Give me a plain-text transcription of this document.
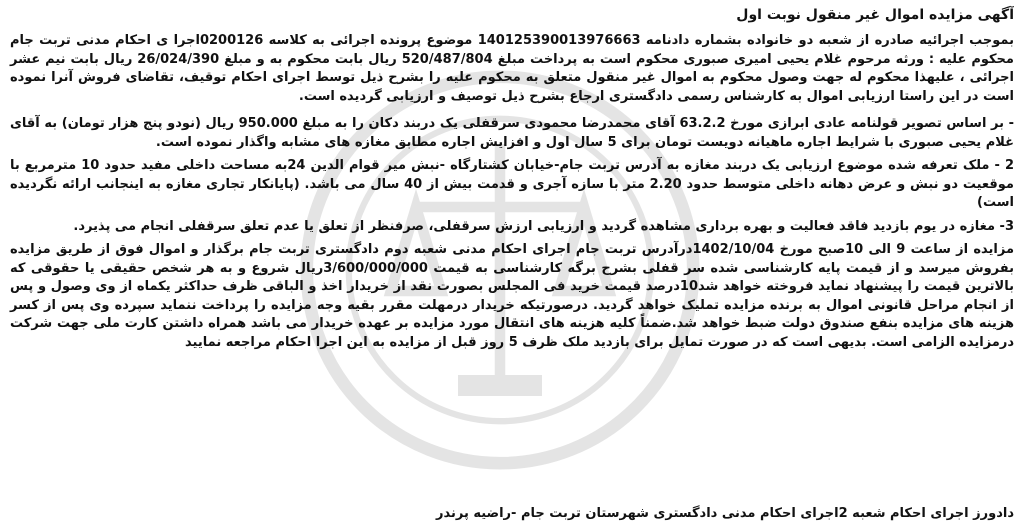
آگهی مزایده اموال غیر منقول نوبت اول

بموجب اجرائیه صادره از شعبه دو خانواده بشماره دادنامه 140125390013976663 موضوع پرونده اجرائی به کلاسه 0200126اجرا ی احکام مدنی تربت جام محکوم علیه : ورثه مرحوم غلام یحیی امیری صبوری محکوم است به پرداخت مبلغ 520/487/804 ریال بابت محکوم به و مبلغ 26/024/390 ریال بابت نیم عشر اجرائی ، علیهذا محکوم له جهت وصول محکوم به اموال غیر منقول متعلق به محکوم علیه را بشرح ذیل توسط اجرای احکام توقیف، تقاضای فروش آنرا نموده است در این راستا ارزیابی اموال به کارشناس رسمی دادگستری ارجاع بشرح ذیل توصیف و ارزیابی گردیده است.

- بر اساس تصویر قولنامه عادی ابرازی مورخ 63.2.2 آقای محمدرضا محمودی سرقفلی یک دربند دکان را به مبلغ 950.000 ریال (نودو پنج هزار تومان) به آقای غلام یحیی صبوری با شرایط اجاره ماهیانه دویست تومان برای 5 سال اول و افزایش اجاره مطابق مغازه های مشابه واگذار نموده است.

2 - ملک تعرفه شده موضوع ارزیابی یک دربند مغازه به آدرس تربت جام-خیابان کشتارگاه -نبش میر قوام الدین 24به مساحت داخلی مفید حدود 10 مترمربع با موقعیت دو نبش و عرض دهانه داخلی متوسط حدود 2.20 متر با سازه آجری و قدمت بیش از 40 سال می باشد. (پایانکار تجاری مغازه به اینجانب ارائه نگردیده است)

3- مغازه در یوم بازدید فاقد فعالیت و بهره برداری مشاهده گردید و ارزیابی ارزش سرقفلی، صرفنظر از تعلق یا عدم تعلق سرقفلی انجام می پذیرد.

مزایده از ساعت 9 الی 10صبح مورخ 1402/10/04درآدرس تربت جام اجرای احکام مدنی شعبه دوم دادگستری تربت جام برگذار و اموال فوق از طریق مزایده بفروش میرسد و از قیمت پایه کارشناسی شده سر قفلی بشرح برگه کارشناسی به قیمت 3/600/000/000ریال شروع و به هر شخص حقیقی یا حقوقی که بالاترین قیمت را پیشنهاد نماید فروخته خواهد شد10درصد قیمت خرید فی المجلس بصورت نقد از خریدار اخذ و الباقی ظرف حداکثر یکماه از وی وصول و پس از انجام مراحل قانونی اموال به برنده مزایده تملیک خواهد گردید. درصورتیکه خریدار درمهلت مقرر بقیه وجه مزایده را پرداخت ننماید سپرده وی پس از کسر هزینه های مزایده بنفع صندوق دولت ضبط خواهد شد.ضمناً کلیه هزینه های انتقال مورد مزایده بر عهده خریدار می باشد همراه داشتن کارت ملی جهت شرکت درمزایده الزامی است. بدیهی است که در صورت تمایل برای بازدید ملک ظرف 5 روز قبل از مزایده به این اجرا احکام مراجعه نمایید

دادورز اجرای احکام شعبه 2اجرای احکام مدنی دادگستری شهرستان تربت جام -راضیه پرندر
